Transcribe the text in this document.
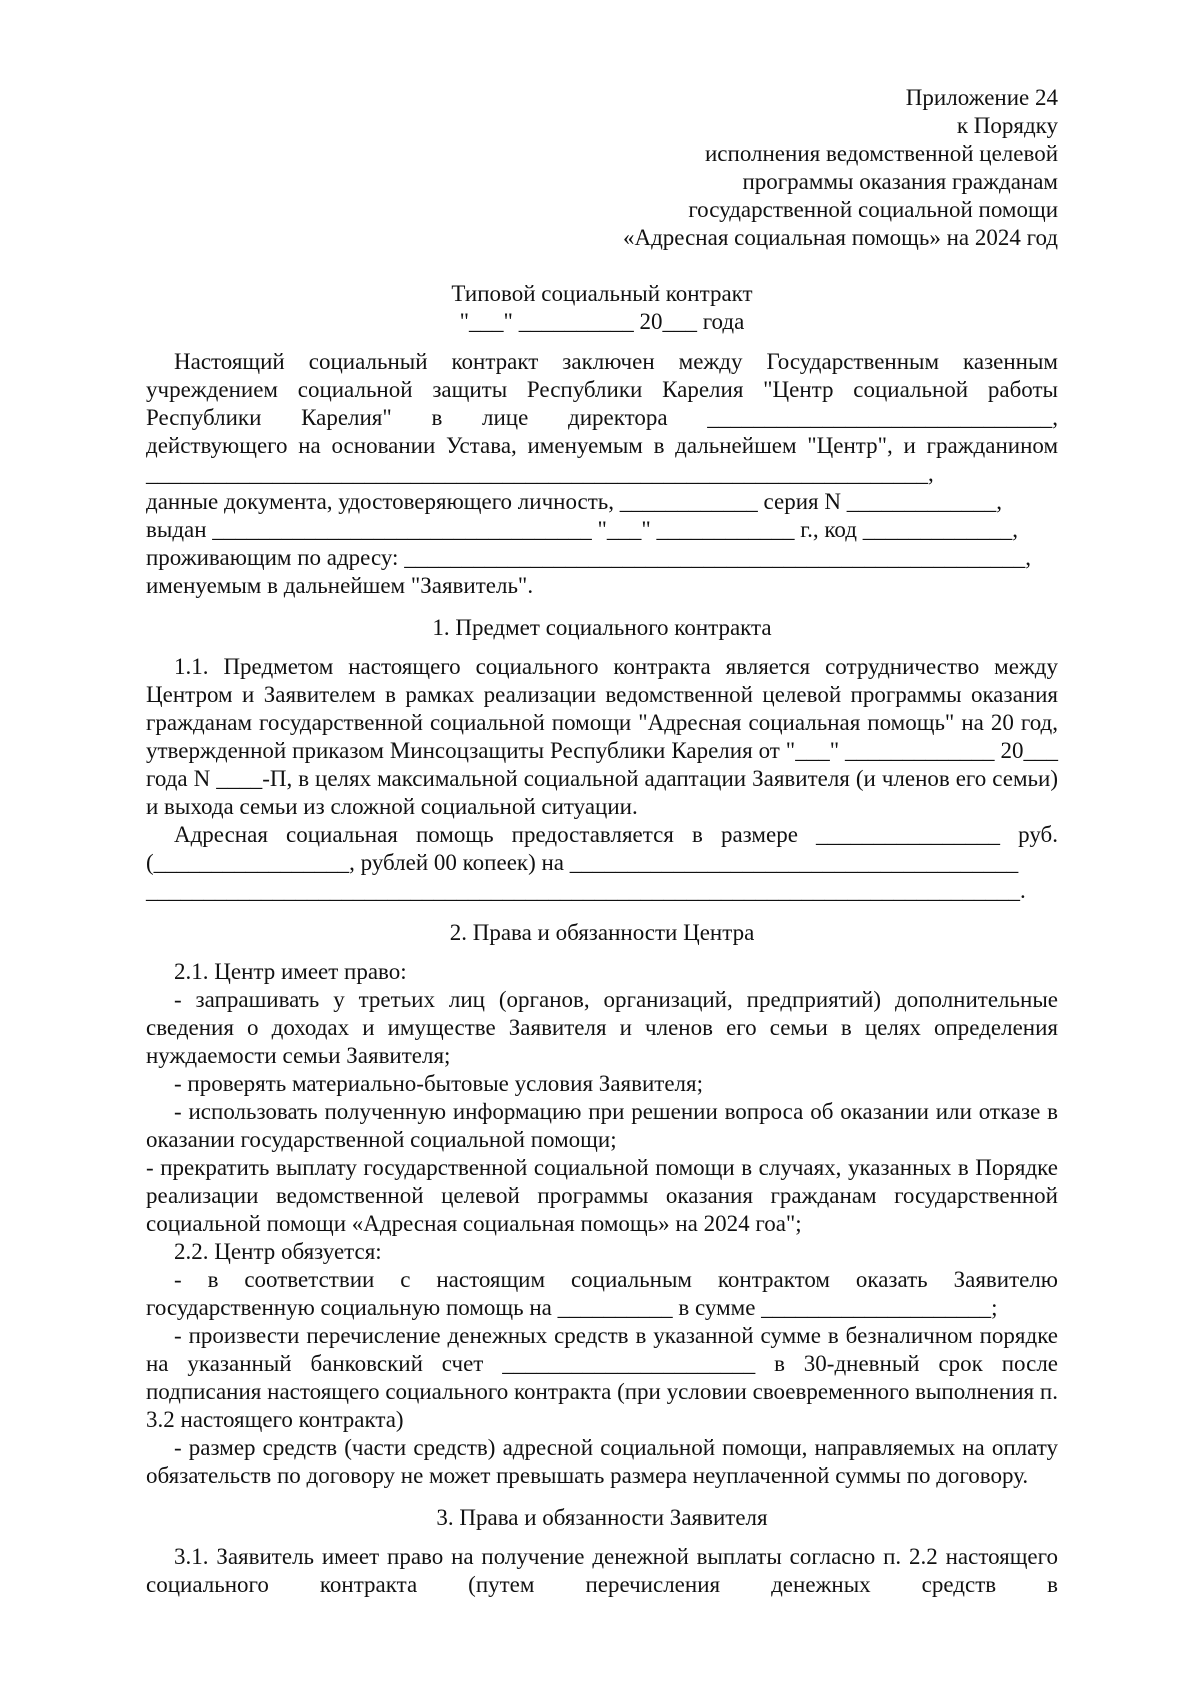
Приложение 24
к Порядку
исполнения ведомственной целевой
программы оказания гражданам
государственной социальной помощи
«Адресная социальная помощь» на 2024 год
Типовой социальный контракт
"___" __________ 20___ года

Настоящий социальный контракт заключен между Государственным казенным

учреждением социальной защиты Республики Карелия "Центр социальной работы

Республики Карелия" в лице директора ______________________________,

действующего на основании Устава, именуемым в дальнейшем "Центр", и гражданином

____________________________________________________________________,

данные документа, удостоверяющего личность, ____________ серия N _____________,

выдан _________________________________ "___" ____________ г., код _____________,

проживающим по адресу: ______________________________________________________,

именуемым в дальнейшем "Заявитель".

1. Предмет социального контракта

1.1. Предметом настоящего социального контракта является сотрудничество между Центром и Заявителем в рамках реализации ведомственной целевой программы оказания гражданам государственной социальной помощи "Адресная социальная помощь" на 20 год, утвержденной приказом Минсоцзащиты Республики Карелия от "___" _____________ 20___ года N ____-П, в целях максимальной социальной адаптации Заявителя (и членов его семьи) и выхода семьи из сложной социальной ситуации.

Адресная социальная помощь предоставляется в размере ________________ руб.

(_________________, рублей 00 копеек) на _______________________________________

____________________________________________________________________________.

2. Права и обязанности Центра

2.1. Центр имеет право:

- запрашивать у третьих лиц (органов, организаций, предприятий) дополнительные сведения о доходах и имуществе Заявителя и членов его семьи в целях определения нуждаемости семьи Заявителя;

- проверять материально-бытовые условия Заявителя;

- использовать полученную информацию при решении вопроса об оказании или отказе в оказании государственной социальной помощи;

- прекратить выплату государственной социальной помощи в случаях, указанных в Порядке реализации ведомственной целевой программы оказания гражданам государственной социальной помощи «Адресная социальная помощь» на 2024 гоа";

2.2. Центр обязуется:

- в соответствии с настоящим социальным контрактом оказать Заявителю государственную социальную помощь на __________ в сумме ____________________;

- произвести перечисление денежных средств в указанной сумме в безналичном порядке на указанный банковский счет ______________________ в 30-дневный срок после подписания настоящего социального контракта (при условии своевременного выполнения п. 3.2 настоящего контракта)

- размер средств (части средств) адресной социальной помощи, направляемых на оплату обязательств по договору не может превышать размера неуплаченной суммы по договору.

3. Права и обязанности Заявителя

3.1. Заявитель имеет право на получение денежной выплаты согласно п. 2.2 настоящего социального контракта (путем перечисления денежных средств в
